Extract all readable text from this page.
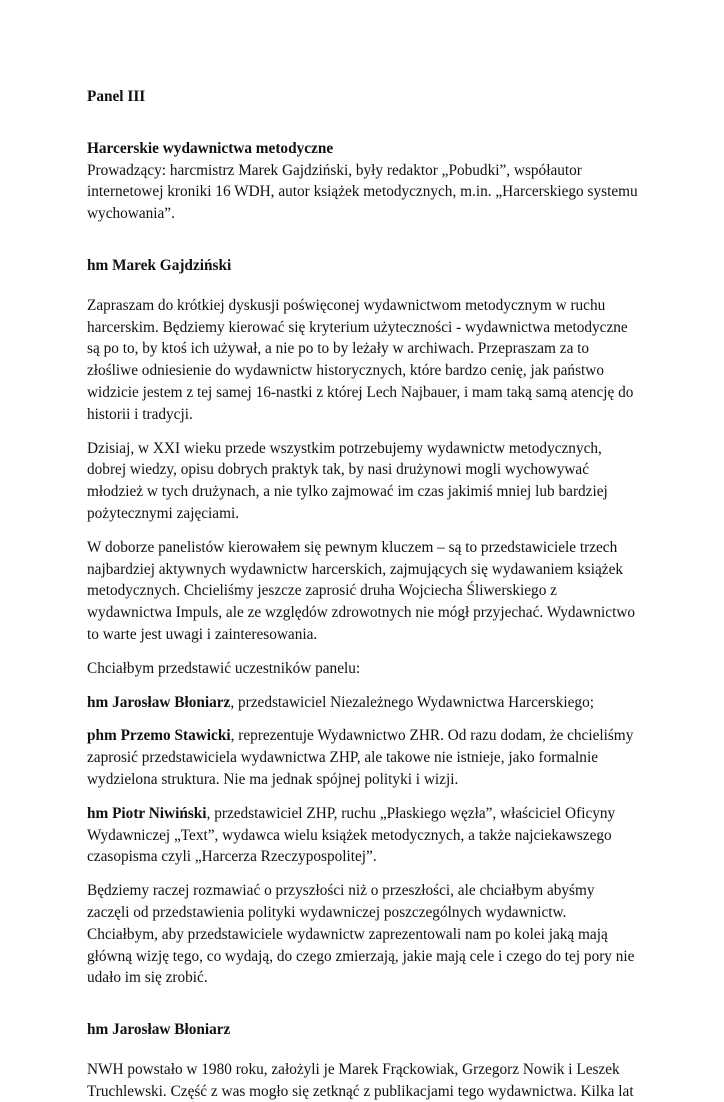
Panel III

Harcerskie wydawnictwa metodyczne

Prowadzący: harcmistrz Marek Gajdziński, były redaktor „Pobudki”, współautor internetowej kroniki 16 WDH, autor książek metodycznych, m.in. „Harcerskiego systemu wychowania”.

hm Marek Gajdziński

Zapraszam do krótkiej dyskusji poświęconej wydawnictwom metodycznym w ruchu harcerskim. Będziemy kierować się kryterium użyteczności - wydawnictwa metodyczne są po to, by ktoś ich używał, a nie po to by leżały w archiwach. Przepraszam za to złośliwe odniesienie do wydawnictw historycznych, które bardzo cenię, jak państwo widzicie jestem z tej samej 16-nastki z której Lech Najbauer, i mam taką samą atencję do historii i tradycji.

Dzisiaj, w XXI wieku przede wszystkim potrzebujemy wydawnictw metodycznych, dobrej wiedzy, opisu dobrych praktyk tak, by nasi drużynowi mogli wychowywać młodzież w tych drużynach, a nie tylko zajmować im czas jakimiś mniej lub bardziej pożytecznymi zajęciami.

W doborze panelistów kierowałem się pewnym kluczem – są to przedstawiciele trzech najbardziej aktywnych wydawnictw harcerskich, zajmujących się wydawaniem książek metodycznych. Chcieliśmy jeszcze zaprosić druha Wojciecha Śliwerskiego z wydawnictwa Impuls, ale ze względów zdrowotnych nie mógł przyjechać. Wydawnictwo to warte jest uwagi i zainteresowania.

Chciałbym przedstawić uczestników panelu:

hm Jarosław Błoniarz, przedstawiciel Niezależnego Wydawnictwa Harcerskiego;

phm Przemo Stawicki, reprezentuje Wydawnictwo ZHR. Od razu dodam, że chcieliśmy zaprosić przedstawiciela wydawnictwa ZHP, ale takowe nie istnieje, jako formalnie wydzielona struktura. Nie ma jednak spójnej polityki i wizji.

hm Piotr Niwiński, przedstawiciel ZHP, ruchu „Płaskiego węzła”, właściciel Oficyny Wydawniczej „Text”, wydawca wielu książek metodycznych, a także najciekawszego czasopisma czyli „Harcerza Rzeczypospolitej”.

Będziemy raczej rozmawiać o przyszłości niż o przeszłości, ale chciałbym abyśmy zaczęli od przedstawienia polityki wydawniczej poszczególnych wydawnictw. Chciałbym, aby przedstawiciele wydawnictw zaprezentowali nam po kolei jaką mają główną wizję tego, co wydają, do czego zmierzają, jakie mają cele i czego do tej pory nie udało im się zrobić.

hm Jarosław Błoniarz

NWH powstało w 1980 roku, założyli je Marek Frąckowiak, Grzegorz Nowik i Leszek Truchlewski. Część z was mogło się zetknąć z publikacjami tego wydawnictwa. Kilka lat
